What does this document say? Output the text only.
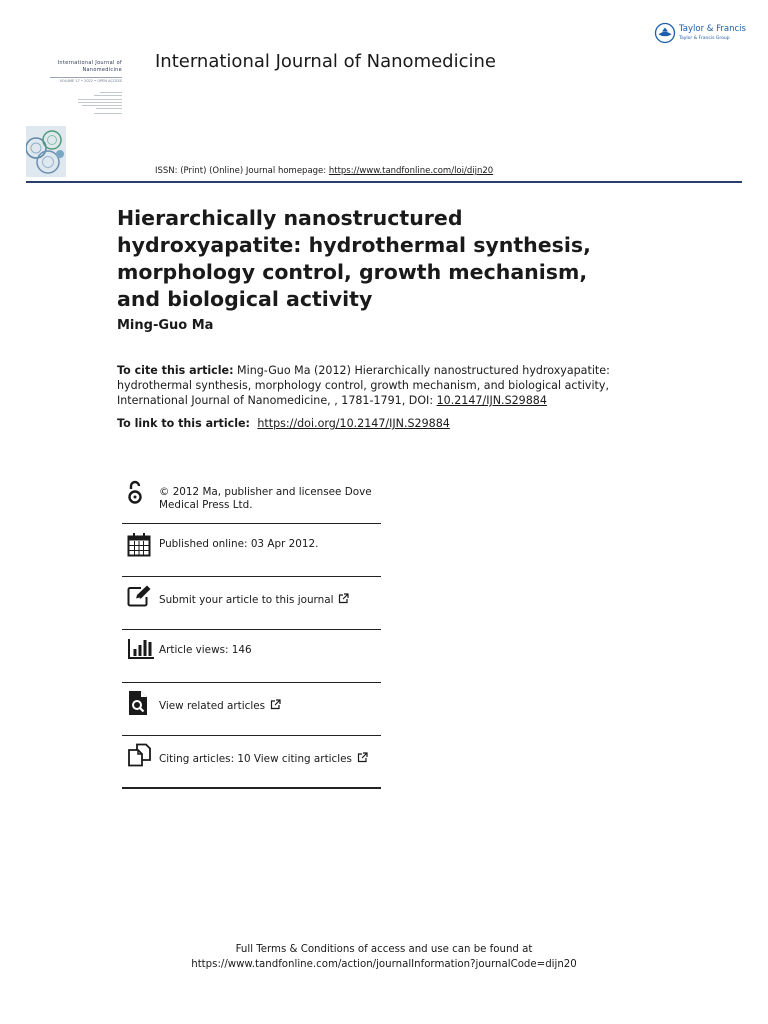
Taylor & Francis
Taylor & Francis Group
International Journal of
Nanomedicine
VOLUME 17 • 2022 • OPEN ACCESS
International Journal of Nanomedicine
ISSN: (Print) (Online) Journal homepage: https://www.tandfonline.com/loi/dijn20
Hierarchically nanostructured hydroxyapatite: hydrothermal synthesis, morphology control, growth mechanism, and biological activity
Ming-Guo Ma
To cite this article: Ming-Guo Ma (2012) Hierarchically nanostructured hydroxyapatite: hydrothermal synthesis, morphology control, growth mechanism, and biological activity, International Journal of Nanomedicine, , 1781-1791, DOI: 10.2147/IJN.S29884
To link to this article:  https://doi.org/10.2147/IJN.S29884
© 2012 Ma, publisher and licensee Dove Medical Press Ltd.
Published online: 03 Apr 2012.
Submit your article to this journal
Article views: 146
View related articles
Citing articles: 10 View citing articles
Full Terms & Conditions of access and use can be found at
https://www.tandfonline.com/action/journalInformation?journalCode=dijn20
